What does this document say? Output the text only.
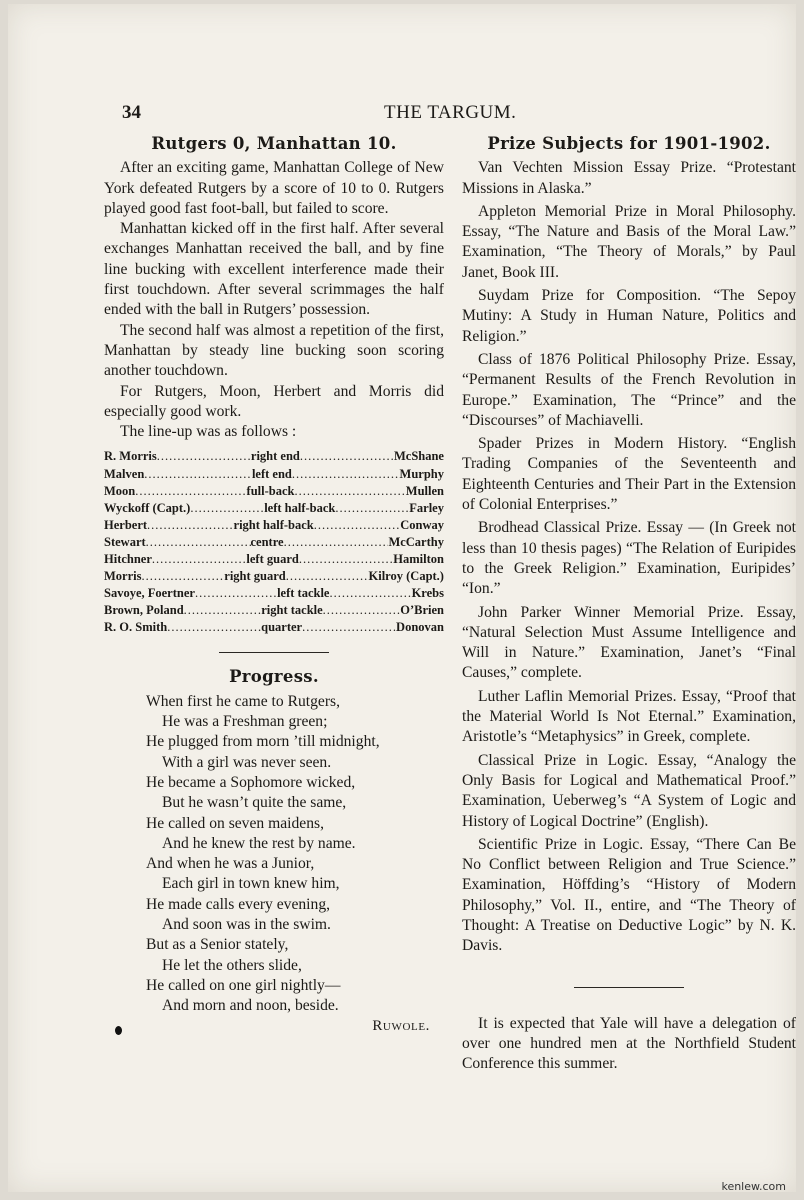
34	THE TARGUM.
Rutgers 0, Manhattan 10.

After an exciting game, Manhattan College of New York defeated Rutgers by a score of 10 to 0. Rutgers played good fast foot-ball, but failed to score.

Manhattan kicked off in the first half. After several exchanges Manhattan received the ball, and by fine line bucking with excellent interference made their first touchdown. After several scrimmages the half ended with the ball in Rutgers’ possession.

The second half was almost a repetition of the first, Manhattan by steady line bucking soon scoring another touchdown.

For Rutgers, Moon, Herbert and Morris did especially good work.

The line-up was as follows :

R. Morris .....	right end .....	McShane
Malven .....	left end .....	Murphy
Moon .....	full-back .....	Mullen
Wyckoff (Capt.) .....	left half-back .....	Farley
Herbert .....	right half-back .....	Conway
Stewart .....	centre .....	McCarthy
Hitchner .....	left guard .....	Hamilton
Morris .....	right guard .....	Kilroy (Capt.)
Savoye, Foertner .....	left tackle .....	Krebs
Brown, Poland .....	right tackle .....	O’Brien
R. O. Smith .....	quarter .....	Donovan
Progress.
When first he came to Rutgers,
He was a Freshman green;
He plugged from morn ’till midnight,
With a girl was never seen.
He became a Sophomore wicked,
But he wasn’t quite the same,
He called on seven maidens,
And he knew the rest by name.
And when he was a Junior,
Each girl in town knew him,
He made calls every evening,
And soon was in the swim.
But as a Senior stately,
He let the others slide,
He called on one girl nightly—
And morn and noon, beside.
Ruwole.
Prize Subjects for 1901-1902.

Van Vechten Mission Essay Prize. “Protestant Missions in Alaska.”

Appleton Memorial Prize in Moral Philosophy. Essay, “The Nature and Basis of the Moral Law.” Examination, “The Theory of Morals,” by Paul Janet, Book III.

Suydam Prize for Composition. “The Sepoy Mutiny: A Study in Human Nature, Politics and Religion.”

Class of 1876 Political Philosophy Prize. Essay, “Permanent Results of the French Revolution in Europe.” Examination, The “Prince” and the “Discourses” of Machiavelli.

Spader Prizes in Modern History. “English Trading Companies of the Seventeenth and Eighteenth Centuries and Their Part in the Extension of Colonial Enterprises.”

Brodhead Classical Prize. Essay — (In Greek not less than 10 thesis pages) “The Relation of Euripides to the Greek Religion.” Examination, Euripides’ “Ion.”

John Parker Winner Memorial Prize. Essay, “Natural Selection Must Assume Intelligence and Will in Nature.” Examination, Janet’s “Final Causes,” complete.

Luther Laflin Memorial Prizes. Essay, “Proof that the Material World Is Not Eternal.” Examination, Aristotle’s “Metaphysics” in Greek, complete.

Classical Prize in Logic. Essay, “Analogy the Only Basis for Logical and Mathematical Proof.” Examination, Ueberweg’s “A System of Logic and History of Logical Doctrine” (English).

Scientific Prize in Logic. Essay, “There Can Be No Conflict between Religion and True Science.” Examination, Höffding’s “History of Modern Philosophy,” Vol. II., entire, and “The Theory of Thought: A Treatise on Deductive Logic” by N. K. Davis.

It is expected that Yale will have a delegation of over one hundred men at the Northfield Student Conference this summer.

kenlew.com
